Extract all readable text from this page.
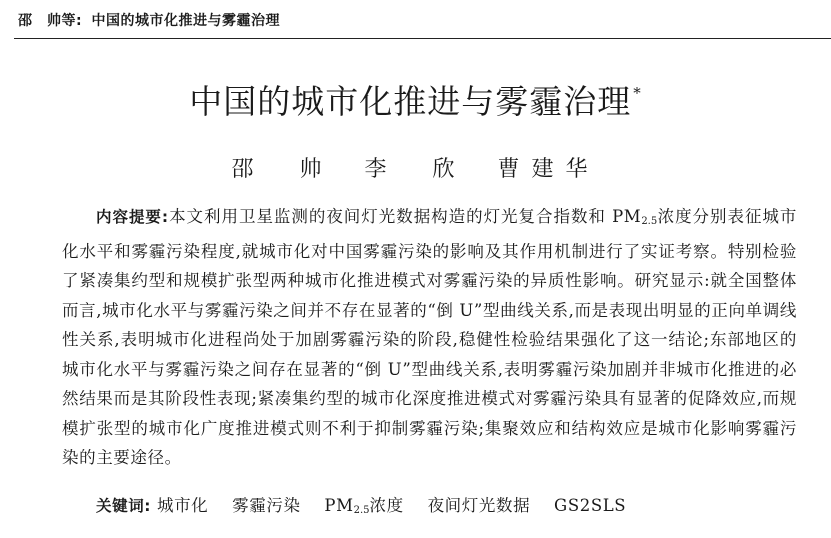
邵　帅等: 中国的城市化推进与雾霾治理
中国的城市化推进与雾霾治理 *
邵　帅 李　欣 曹建华
内容提要:本文利用卫星监测的夜间灯光数据构造的灯光复合指数和 $PM_{2.5}$浓度分别表征城市化水平和雾霾污染程度,就城市化对中国雾霾污染的影响及其作用机制进行了实证考察。特别检验了紧凑集约型和规模扩张型两种城市化推进模式对雾霾污染的异质性影响。研究显示:就全国整体而言,城市化水平与雾霾污染之间并不存在显著的“倒 U”型曲线关系,而是表现出明显的正向单调线性关系,表明城市化进程尚处于加剧雾霾污染的阶段,稳健性检验结果强化了这一结论;东部地区的城市化水平与雾霾污染之间存在显著的“倒 U”型曲线关系,表明雾霾污染加剧并非城市化推进的必然结果而是其阶段性表现;紧凑集约型的城市化深度推进模式对雾霾污染具有显著的促降效应,而规模扩张型的城市化广度推进模式则不利于抑制雾霾污染;集聚效应和结构效应是城市化影响雾霾污染的主要途径。
关键词: 城市化 雾霾污染 $PM_{2.5}$浓度 夜间灯光数据 GS2SLS
